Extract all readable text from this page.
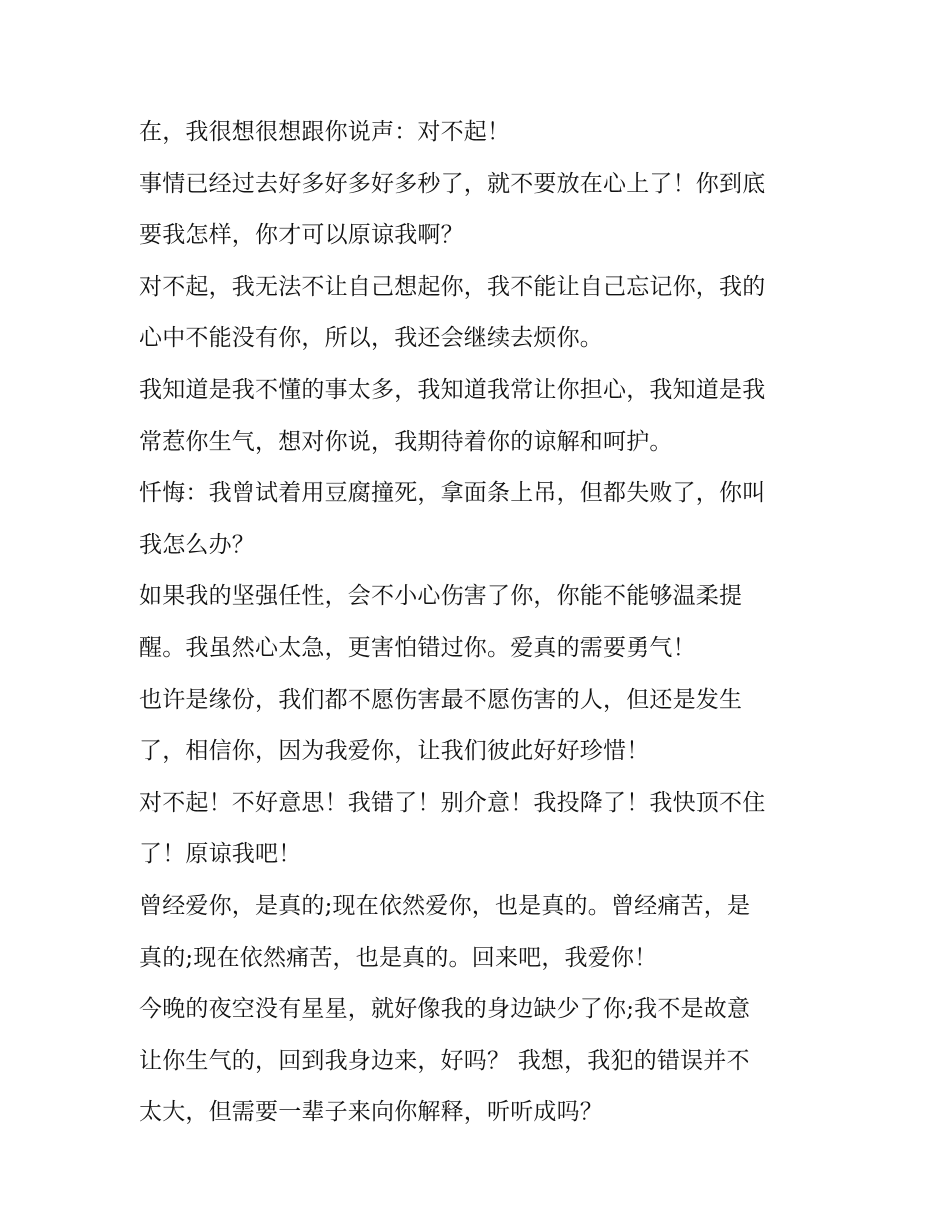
在，我很想很想跟你说声：对不起！
事情已经过去好多好多好多秒了，就不要放在心上了！你到底
要我怎样，你才可以原谅我啊？
对不起，我无法不让自己想起你，我不能让自己忘记你，我的
心中不能没有你，所以，我还会继续去烦你。
我知道是我不懂的事太多，我知道我常让你担心，我知道是我
常惹你生气，想对你说，我期待着你的谅解和呵护。
忏悔：我曾试着用豆腐撞死，拿面条上吊，但都失败了，你叫
我怎么办？
如果我的坚强任性，会不小心伤害了你，你能不能够温柔提
醒。我虽然心太急，更害怕错过你。爱真的需要勇气！
也许是缘份，我们都不愿伤害最不愿伤害的人，但还是发生
了，相信你，因为我爱你，让我们彼此好好珍惜！
对不起！不好意思！我错了！别介意！我投降了！我快顶不住
了！原谅我吧！
曾经爱你，是真的;现在依然爱你，也是真的。曾经痛苦，是
真的;现在依然痛苦，也是真的。回来吧，我爱你！
今晚的夜空没有星星，就好像我的身边缺少了你;我不是故意
让你生气的，回到我身边来，好吗？ 我想，我犯的错误并不
太大，但需要一辈子来向你解释，听听成吗？
